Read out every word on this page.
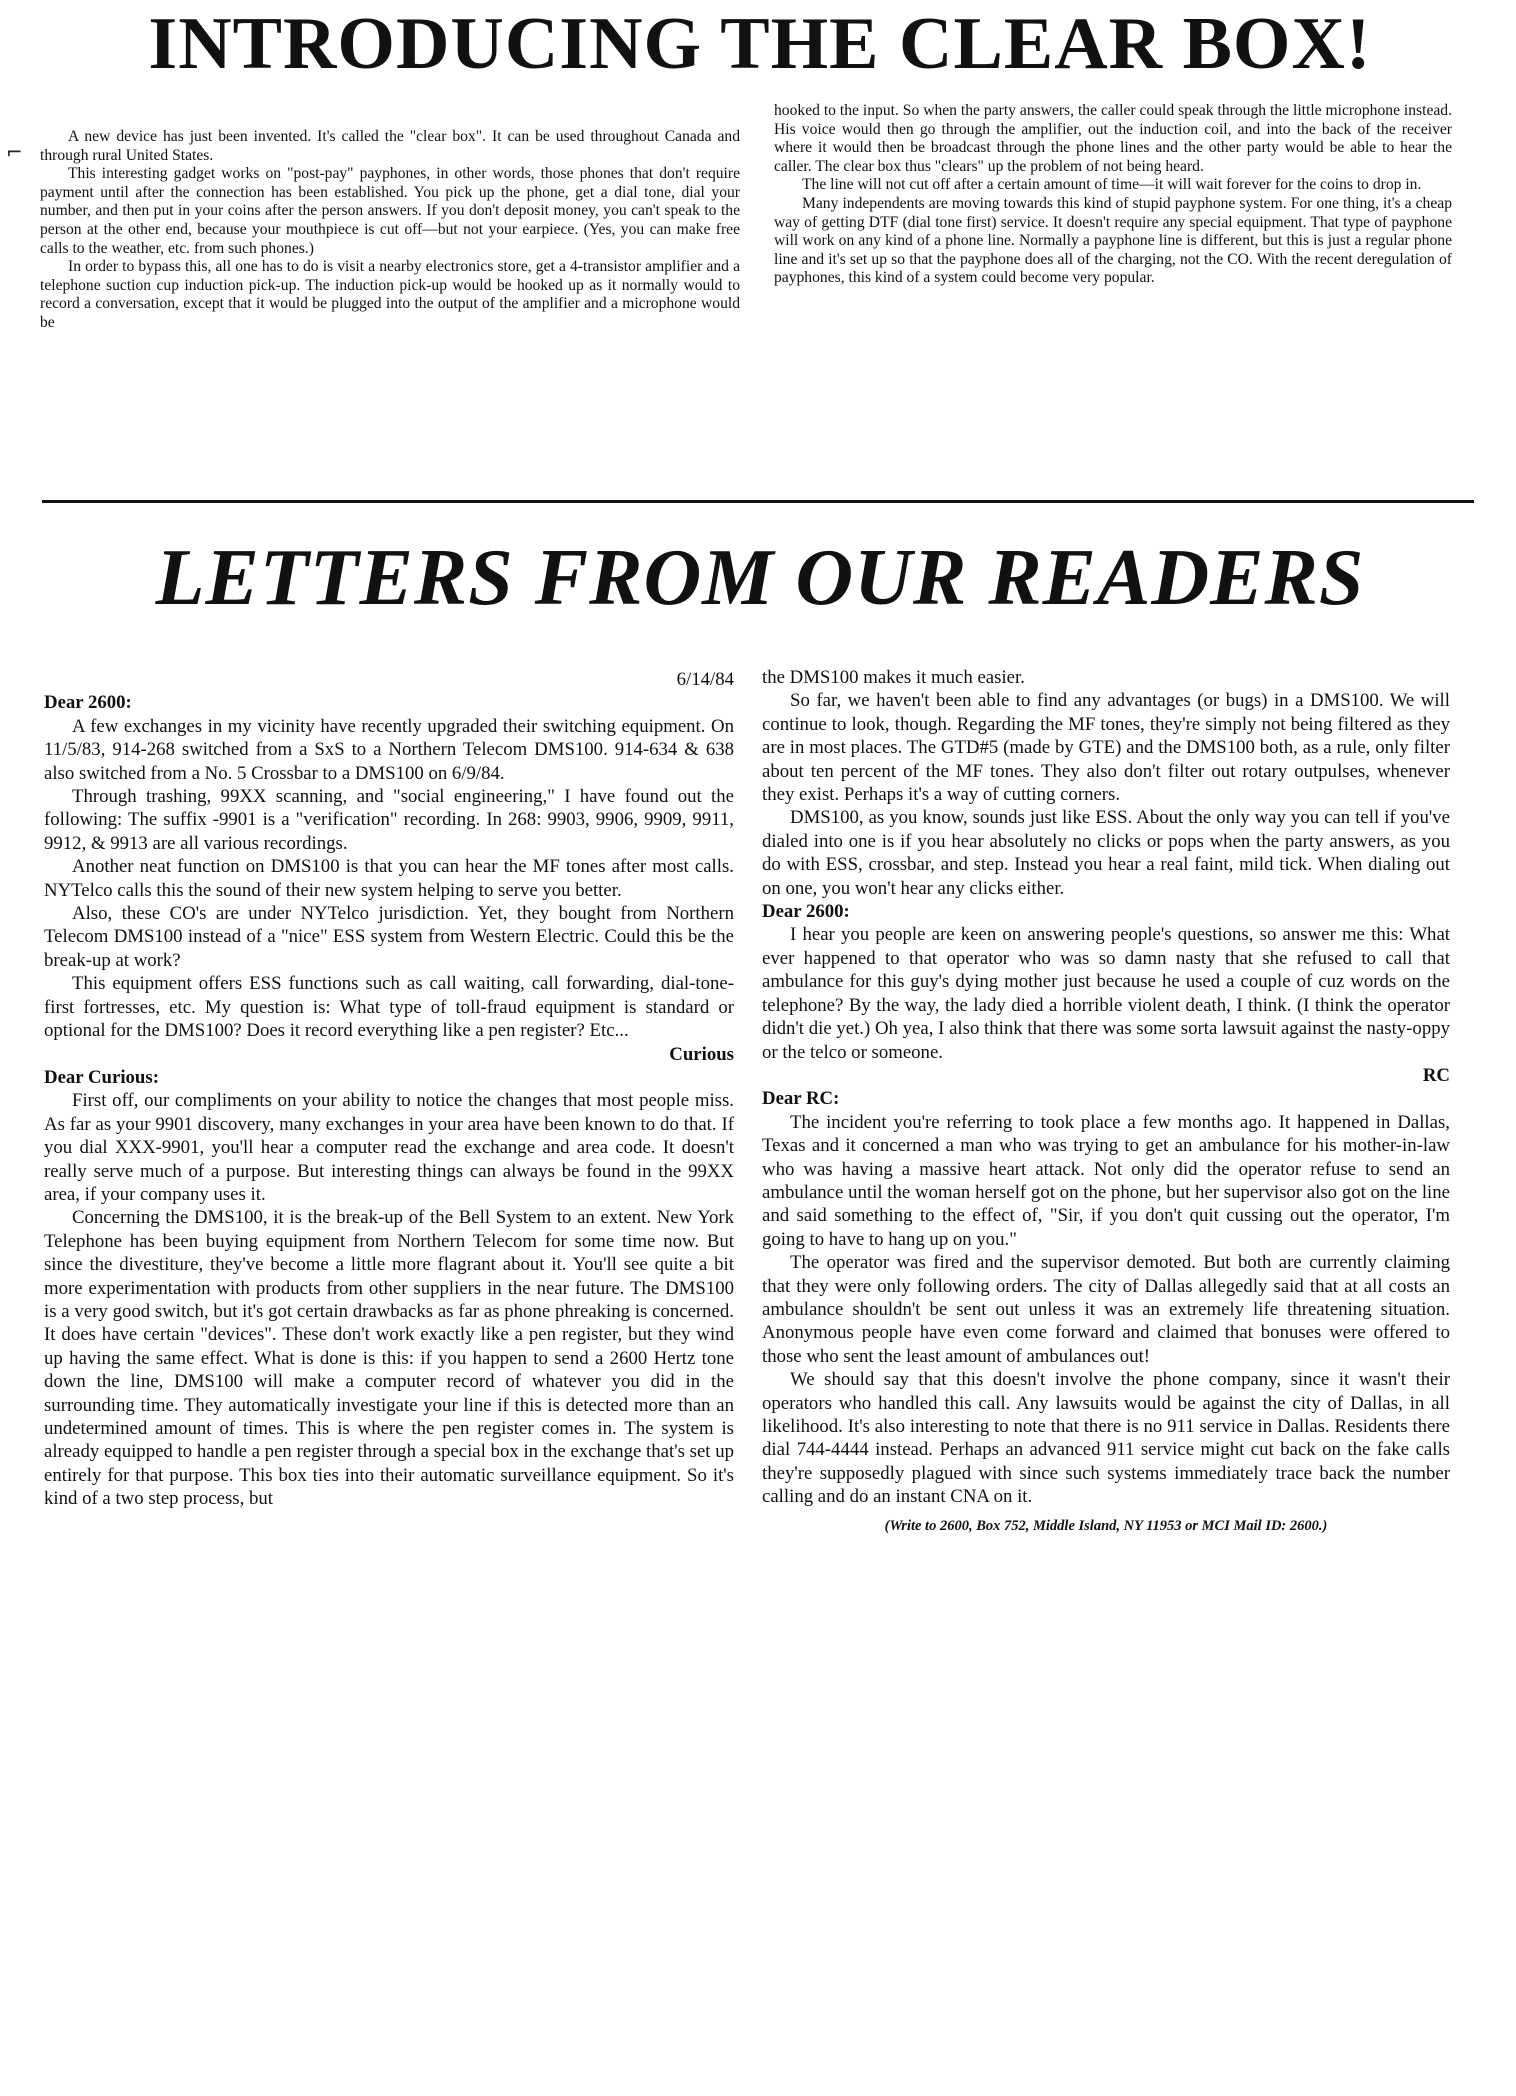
INTRODUCING THE CLEAR BOX!
⌐

A new device has just been invented. It's called the "clear box". It can be used throughout Canada and through rural United States.

This interesting gadget works on "post-pay" payphones, in other words, those phones that don't require payment until after the connection has been established. You pick up the phone, get a dial tone, dial your number, and then put in your coins after the person answers. If you don't deposit money, you can't speak to the person at the other end, because your mouthpiece is cut off—but not your earpiece. (Yes, you can make free calls to the weather, etc. from such phones.)

In order to bypass this, all one has to do is visit a nearby electronics store, get a 4-transistor amplifier and a telephone suction cup induction pick-up. The induction pick-up would be hooked up as it normally would to record a conversation, except that it would be plugged into the output of the amplifier and a microphone would be

hooked to the input. So when the party answers, the caller could speak through the little microphone instead. His voice would then go through the amplifier, out the induction coil, and into the back of the receiver where it would then be broadcast through the phone lines and the other party would be able to hear the caller. The clear box thus "clears" up the problem of not being heard.

The line will not cut off after a certain amount of time—it will wait forever for the coins to drop in.

Many independents are moving towards this kind of stupid payphone system. For one thing, it's a cheap way of getting DTF (dial tone first) service. It doesn't require any special equipment. That type of payphone will work on any kind of a phone line. Normally a payphone line is different, but this is just a regular phone line and it's set up so that the payphone does all of the charging, not the CO. With the recent deregulation of payphones, this kind of a system could become very popular.

LETTERS FROM OUR READERS

6/14/84

Dear 2600:

A few exchanges in my vicinity have recently upgraded their switching equipment. On 11/5/83, 914-268 switched from a SxS to a Northern Telecom DMS100. 914-634 & 638 also switched from a No. 5 Crossbar to a DMS100 on 6/9/84.

Through trashing, 99XX scanning, and "social engineering," I have found out the following: The suffix -9901 is a "verification" recording. In 268: 9903, 9906, 9909, 9911, 9912, & 9913 are all various recordings.

Another neat function on DMS100 is that you can hear the MF tones after most calls. NYTelco calls this the sound of their new system helping to serve you better.

Also, these CO's are under NYTelco jurisdiction. Yet, they bought from Northern Telecom DMS100 instead of a "nice" ESS system from Western Electric. Could this be the break-up at work?

This equipment offers ESS functions such as call waiting, call forwarding, dial-tone-first fortresses, etc. My question is: What type of toll-fraud equipment is standard or optional for the DMS100? Does it record everything like a pen register? Etc...

Curious

Dear Curious:

First off, our compliments on your ability to notice the changes that most people miss. As far as your 9901 discovery, many exchanges in your area have been known to do that. If you dial XXX-9901, you'll hear a computer read the exchange and area code. It doesn't really serve much of a purpose. But interesting things can always be found in the 99XX area, if your company uses it.

Concerning the DMS100, it is the break-up of the Bell System to an extent. New York Telephone has been buying equipment from Northern Telecom for some time now. But since the divestiture, they've become a little more flagrant about it. You'll see quite a bit more experimentation with products from other suppliers in the near future. The DMS100 is a very good switch, but it's got certain drawbacks as far as phone phreaking is concerned. It does have certain "devices". These don't work exactly like a pen register, but they wind up having the same effect. What is done is this: if you happen to send a 2600 Hertz tone down the line, DMS100 will make a computer record of whatever you did in the surrounding time. They automatically investigate your line if this is detected more than an undetermined amount of times. This is where the pen register comes in. The system is already equipped to handle a pen register through a special box in the exchange that's set up entirely for that purpose. This box ties into their automatic surveillance equipment. So it's kind of a two step process, but

the DMS100 makes it much easier.

So far, we haven't been able to find any advantages (or bugs) in a DMS100. We will continue to look, though. Regarding the MF tones, they're simply not being filtered as they are in most places. The GTD#5 (made by GTE) and the DMS100 both, as a rule, only filter about ten percent of the MF tones. They also don't filter out rotary outpulses, whenever they exist. Perhaps it's a way of cutting corners.

DMS100, as you know, sounds just like ESS. About the only way you can tell if you've dialed into one is if you hear absolutely no clicks or pops when the party answers, as you do with ESS, crossbar, and step. Instead you hear a real faint, mild tick. When dialing out on one, you won't hear any clicks either.

Dear 2600:

I hear you people are keen on answering people's questions, so answer me this: What ever happened to that operator who was so damn nasty that she refused to call that ambulance for this guy's dying mother just because he used a couple of cuz words on the telephone? By the way, the lady died a horrible violent death, I think. (I think the operator didn't die yet.) Oh yea, I also think that there was some sorta lawsuit against the nasty-oppy or the telco or someone.

RC

Dear RC:

The incident you're referring to took place a few months ago. It happened in Dallas, Texas and it concerned a man who was trying to get an ambulance for his mother-in-law who was having a massive heart attack. Not only did the operator refuse to send an ambulance until the woman herself got on the phone, but her supervisor also got on the line and said something to the effect of, "Sir, if you don't quit cussing out the operator, I'm going to have to hang up on you."

The operator was fired and the supervisor demoted. But both are currently claiming that they were only following orders. The city of Dallas allegedly said that at all costs an ambulance shouldn't be sent out unless it was an extremely life threatening situation. Anonymous people have even come forward and claimed that bonuses were offered to those who sent the least amount of ambulances out!

We should say that this doesn't involve the phone company, since it wasn't their operators who handled this call. Any lawsuits would be against the city of Dallas, in all likelihood. It's also interesting to note that there is no 911 service in Dallas. Residents there dial 744-4444 instead. Perhaps an advanced 911 service might cut back on the fake calls they're supposedly plagued with since such systems immediately trace back the number calling and do an instant CNA on it.

(Write to 2600, Box 752, Middle Island, NY 11953 or MCI Mail ID: 2600.)
